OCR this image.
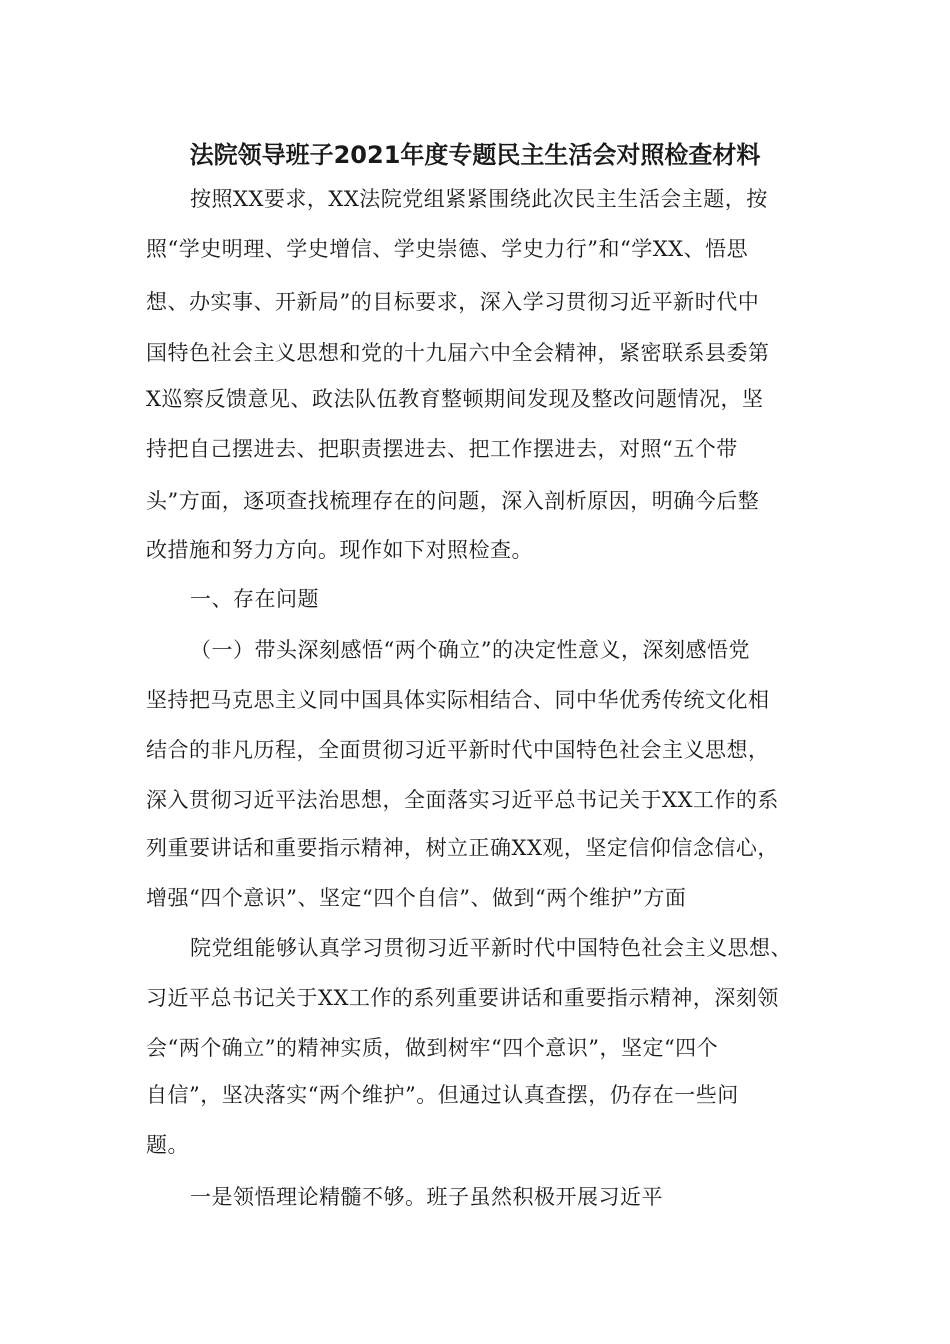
法院领导班子2021年度专题民主生活会对照检查材料
按照XX要求，XX法院党组紧紧围绕此次民主生活会主题，按
照“学史明理、学史增信、学史崇德、学史力行”和“学XX、悟思
想、办实事、开新局”的目标要求，深入学习贯彻习近平新时代中
国特色社会主义思想和党的十九届六中全会精神，紧密联系县委第
X巡察反馈意见、政法队伍教育整顿期间发现及整改问题情况，坚
持把自己摆进去、把职责摆进去、把工作摆进去，对照“五个带
头”方面，逐项查找梳理存在的问题，深入剖析原因，明确今后整
改措施和努力方向。现作如下对照检查。
一、存在问题
（一）带头深刻感悟“两个确立”的决定性意义，深刻感悟党
坚持把马克思主义同中国具体实际相结合、同中华优秀传统文化相
结合的非凡历程，全面贯彻习近平新时代中国特色社会主义思想，
深入贯彻习近平法治思想，全面落实习近平总书记关于XX工作的系
列重要讲话和重要指示精神，树立正确XX观，坚定信仰信念信心，
增强“四个意识”、坚定“四个自信”、做到“两个维护”方面
院党组能够认真学习贯彻习近平新时代中国特色社会主义思想、
习近平总书记关于XX工作的系列重要讲话和重要指示精神，深刻领
会“两个确立”的精神实质，做到树牢“四个意识”，坚定“四个
自信”，坚决落实“两个维护”。但通过认真查摆，仍存在一些问
题。
一是领悟理论精髓不够。班子虽然积极开展习近平
